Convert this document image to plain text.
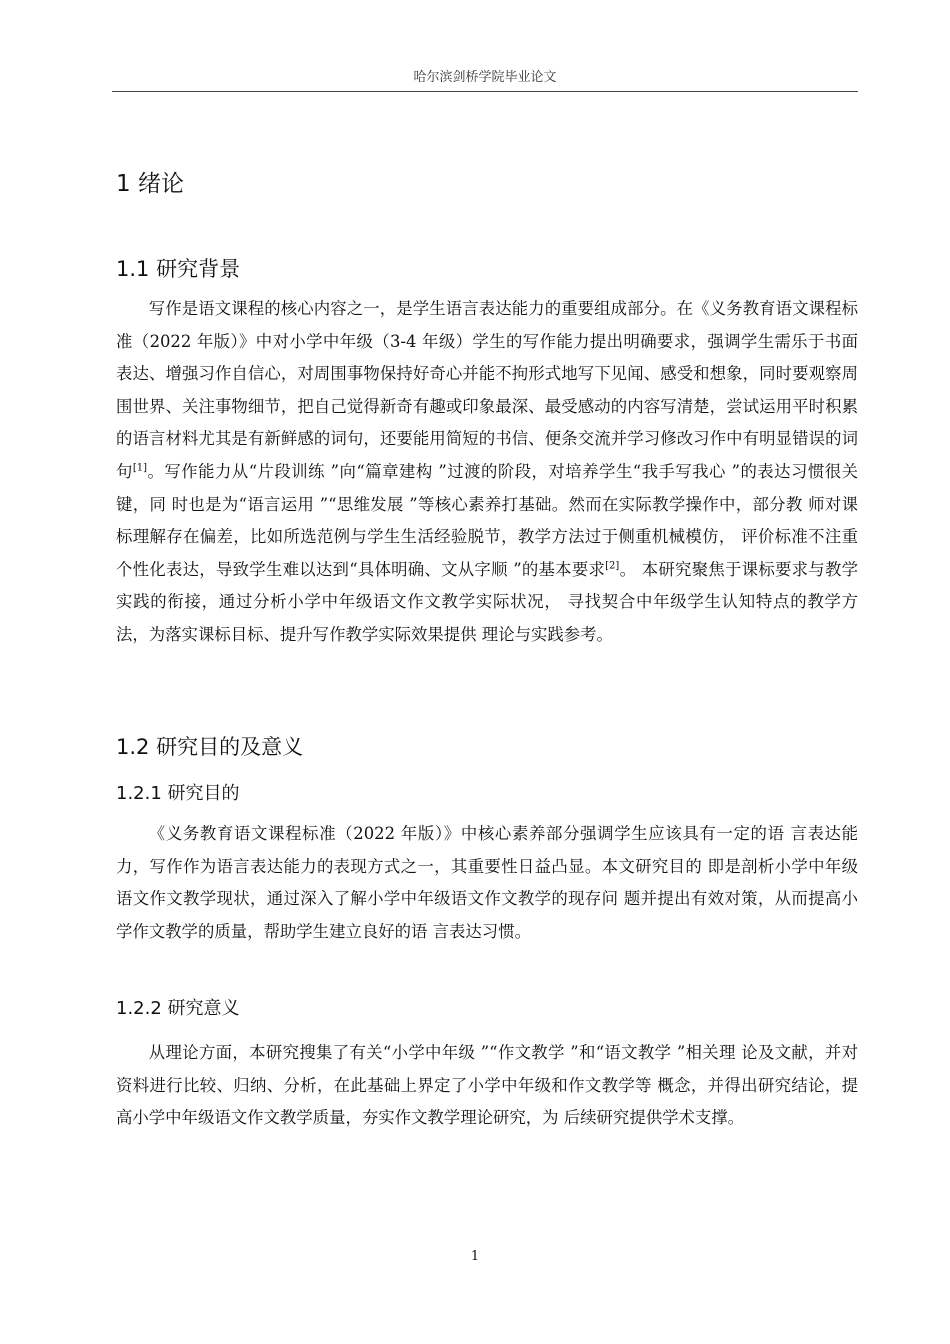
哈尔滨剑桥学院毕业论文
1 绪论
1.1 研究背景

写作是语文课程的核心内容之一，是学生语言表达能力的重要组成部分。在《义务教育语文课程标准（2022 年版）》中对小学中年级（3-4 年级）学生的写作能力提出明确要求，强调学生需乐于书面表达、增强习作自信心，对周围事物保持好奇心并能不拘形式地写下见闻、感受和想象，同时要观察周围世界、关注事物细节，把自己觉得新奇有趣或印象最深、最受感动的内容写清楚，尝试运用平时积累的语言材料尤其是有新鲜感的词句，还要能用简短的书信、便条交流并学习修改习作中有明显错误的词句[1]。写作能力从“片段训练 ”向“篇章建构 ”过渡的阶段，对培养学生“我手写我心 ”的表达习惯很关键，同 时也是为“语言运用 ”“思维发展 ”等核心素养打基础。然而在实际教学操作中，部分教 师对课标理解存在偏差，比如所选范例与学生生活经验脱节，教学方法过于侧重机械模仿， 评价标准不注重个性化表达，导致学生难以达到“具体明确、文从字顺 ”的基本要求[2]。 本研究聚焦于课标要求与教学实践的衔接，通过分析小学中年级语文作文教学实际状况， 寻找契合中年级学生认知特点的教学方法，为落实课标目标、提升写作教学实际效果提供 理论与实践参考。

1.2 研究目的及意义
1.2.1 研究目的

《义务教育语文课程标准（2022 年版）》中核心素养部分强调学生应该具有一定的语 言表达能力，写作作为语言表达能力的表现方式之一，其重要性日益凸显。本文研究目的 即是剖析小学中年级语文作文教学现状，通过深入了解小学中年级语文作文教学的现存问 题并提出有效对策，从而提高小学作文教学的质量，帮助学生建立良好的语 言表达习惯。

1.2.2 研究意义

从理论方面，本研究搜集了有关“小学中年级 ”“作文教学 ”和“语文教学 ”相关理 论及文献，并对资料进行比较、归纳、分析，在此基础上界定了小学中年级和作文教学等 概念，并得出研究结论，提高小学中年级语文作文教学质量，夯实作文教学理论研究，为 后续研究提供学术支撑。

1
